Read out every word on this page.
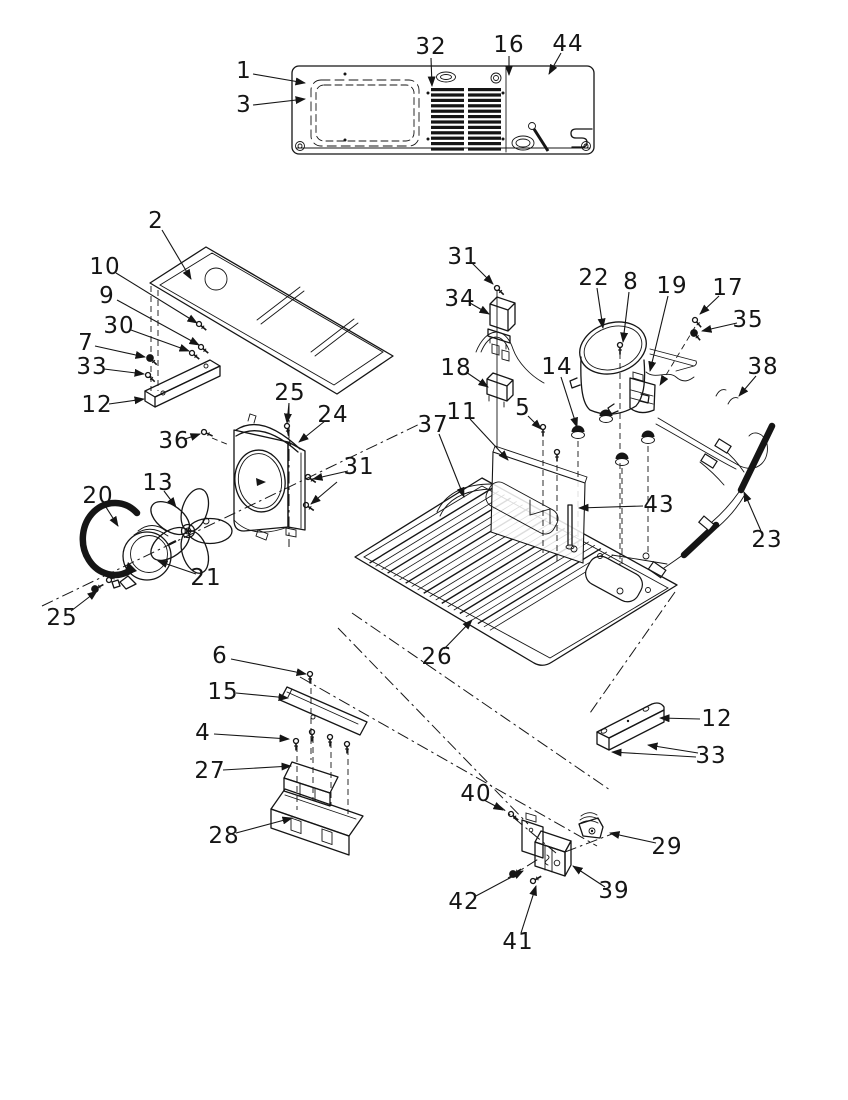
1
3
32 16 44
2
10
9
30
7
33
12
36
25
24
31
20 13
21
25
31
34
18
22 8 19 17
35
14	38
23
37
11 5
43
26
6
15
4
27
28
12
33
40
29
39
42
41
